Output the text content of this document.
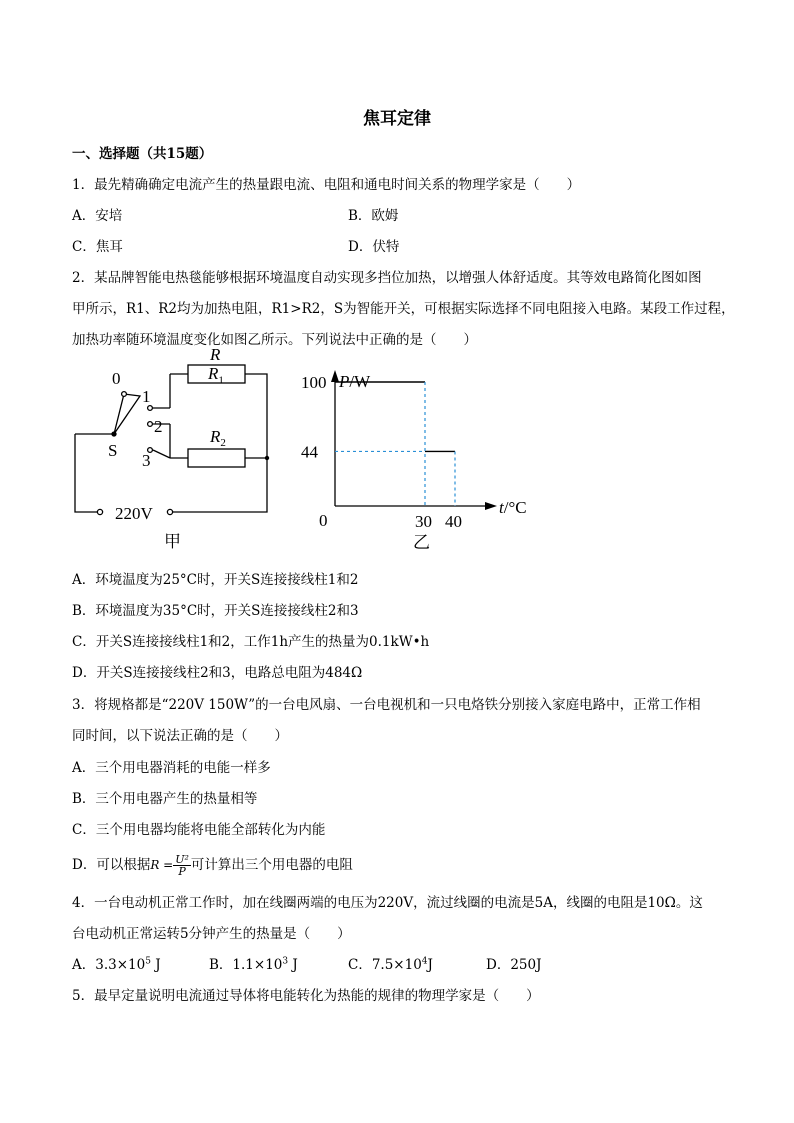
焦耳定律
一、选择题（共15题）
1．最先精确确定电流产生的热量跟电流、电阻和通电时间关系的物理学家是（　　）
A．安培	B．欧姆
C．焦耳	D．伏特
2．某品牌智能电热毯能够根据环境温度自动实现多挡位加热，以增强人体舒适度。其等效电路简化图如图
甲所示，R1、R2均为加热电阻，R1>R2，S为智能开关，可根据实际选择不同电阻接入电路。某段工作过程，
加热功率随环境温度变化如图乙所示。下列说法中正确的是（　　）
0
1
2
3
S
R
$R_2$
220V
甲
$R_1$	100
44
30 40
P/W
t/°C
0
乙
A．环境温度为25°C时，开关S连接接线柱1和2
B．环境温度为35°C时，开关S连接接线柱2和3
C．开关S连接接线柱1和2，工作1h产生的热量为0.1kW•h
D．开关S连接接线柱2和3，电路总电阻为484Ω
3．将规格都是“220V 150W”的一台电风扇、一台电视机和一只电烙铁分别接入家庭电路中，正常工作相
同时间，以下说法正确的是（　　）
A．三个用电器消耗的电能一样多
B．三个用电器产生的热量相等
C．三个用电器均能将电能全部转化为内能
D．可以根据$R = \frac{\text{U²}}{P}$ 可计算出三个用电器的电阻
4．一台电动机正常工作时，加在线圈两端的电压为220V，流过线圈的电流是5A，线圈的电阻是10Ω。这
台电动机正常运转5分钟产生的热量是（　　）
A．$3.3\times 10^5$ J	B．$1.1\times 10^3$ J	C．$7.5\times 10^4J$	D．250J
5．最早定量说明电流通过导体将电能转化为热能的规律的物理学家是（　　）
